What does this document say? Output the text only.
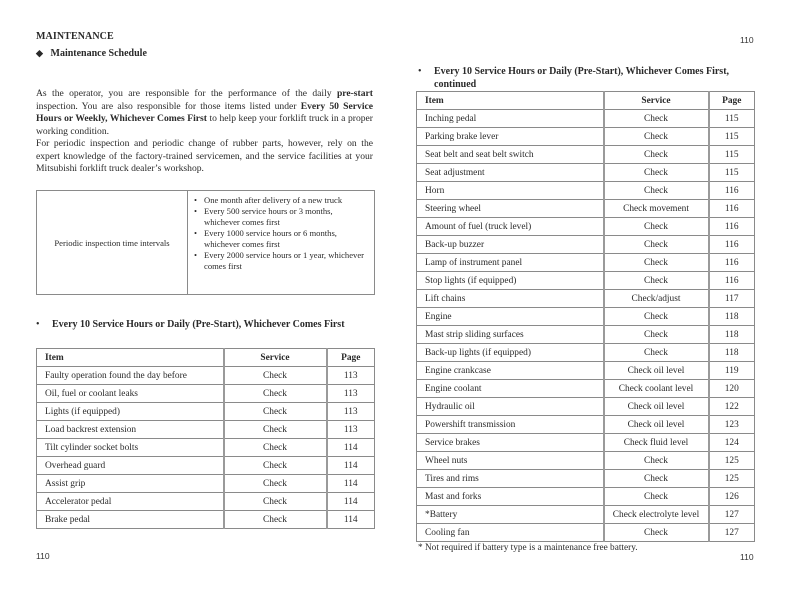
MAINTENANCE
◆ Maintenance Schedule
As the operator, you are responsible for the performance of the daily pre-start inspection. You are also responsible for those items listed under Every 50 Service Hours or Weekly, Whichever Comes First to help keep your forklift truck in a proper working condition.
For periodic inspection and periodic change of rubber parts, however, rely on the expert knowledge of the factory-trained servicemen, and the service facilities at your Mitsubishi forklift truck dealer’s workshop.
Periodic inspection time intervals
• One month after delivery of a new truck
• Every 500 service hours or 3 months, whichever comes first
• Every 1000 service hours or 6 months, whichever comes first
• Every 2000 service hours or 1 year, whichever comes first
• Every 10 Service Hours or Daily (Pre-Start), Whichever Comes First
Item	Service	Page
Faulty operation found the day before	Check	113
Oil, fuel or coolant leaks	Check	113
Lights (if equipped)	Check	113
Load backrest extension	Check	113
Tilt cylinder socket bolts	Check	114
Overhead guard	Check	114
Assist grip	Check	114
Accelerator pedal	Check	114
Brake pedal	Check	114
110
110
• Every 10 Service Hours or Daily (Pre-Start), Whichever Comes First,
continued
Item	Service	Page
Inching pedal	Check	115
Parking brake lever	Check	115
Seat belt and seat belt switch	Check	115
Seat adjustment	Check	115
Horn	Check	116
Steering wheel	Check movement	116
Amount of fuel (truck level)	Check	116
Back-up buzzer	Check	116
Lamp of instrument panel	Check	116
Stop lights (if equipped)	Check	116
Lift chains	Check/adjust	117
Engine	Check	118
Mast strip sliding surfaces	Check	118
Back-up lights (if equipped)	Check	118
Engine crankcase	Check oil level	119
Engine coolant	Check coolant level	120
Hydraulic oil	Check oil level	122
Powershift transmission	Check oil level	123
Service brakes	Check fluid level	124
Wheel nuts	Check	125
Tires and rims	Check	125
Mast and forks	Check	126
*Battery	Check electrolyte level	127
Cooling fan	Check	127
* Not required if battery type is a maintenance free battery.
110
